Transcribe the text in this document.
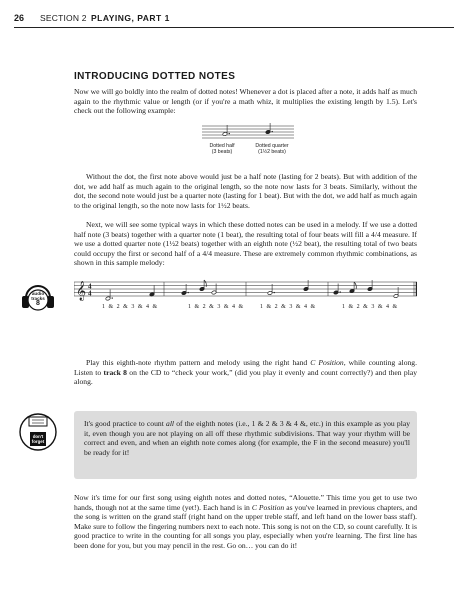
26 SECTION 2 PLAYING, PART 1
INTRODUCING DOTTED NOTES

Now we will go boldly into the realm of dotted notes! Whenever a dot is placed after a note, it adds half as much again to the rhythmic value or length (or if you're a math whiz, it multiplies the existing length by 1.5). Let's check out the following example:

Dotted half
(3 beats)
Dotted quarter
(1½2 beats)

Without the dot, the first note above would just be a half note (lasting for 2 beats). But with addition of the dot, we add half as much again to the original length, so the note now lasts for 3 beats. Similarly, without the dot, the second note would just be a quarter note (lasting for 1 beat). But with the dot, we add half as much again to the original length, so the note now lasts for 1½2 beats.

Next, we will see some typical ways in which these dotted notes can be used in a melody. If we use a dotted half note (3 beats) together with a quarter note (1 beat), the resulting total of four beats will fill a 4/4 measure. If we use a dotted quarter note (1½2 beats) together with an eighth note (½2 beat), the resulting total of two beats could occupy the first or second half of a 4/4 measure. These are extremely common rhythmic combinations, as shown in this sample melody:

audio
tracks
8
𝄞 4
4
1 & 2 & 3 & 4 &	1 & 2 & 3 & 4 &	1 & 2 & 3 & 4 &	1 & 2 & 3 & 4 &

Play this eighth-note rhythm pattern and melody using the right hand C Position, while counting along. Listen to track 8 on the CD to “check your work,” (did you play it evenly and count correctly?) and then play along.

don't
forget

It's good practice to count all of the eighth notes (i.e., 1 & 2 & 3 & 4 &, etc.) in this example as you play it, even though you are not playing on all off these rhythmic subdivisions. That way your rhythm will be correct and even, and when an eighth note comes along (for example, the F in the second measure) you'll be ready for it!

Now it's time for our first song using eighth notes and dotted notes, “Alouette.” This time you get to use two hands, though not at the same time (yet!). Each hand is in C Position as you've learned in previous chapters, and the song is written on the grand staff (right hand on the upper treble staff, and left hand on the lower bass staff). Make sure to follow the fingering numbers next to each note. This song is not on the CD, so count carefully. It is good practice to write in the counting for all songs you play, especially when you're learning. The first line has been done for you, but you may pencil in the rest. Go on… you can do it!
